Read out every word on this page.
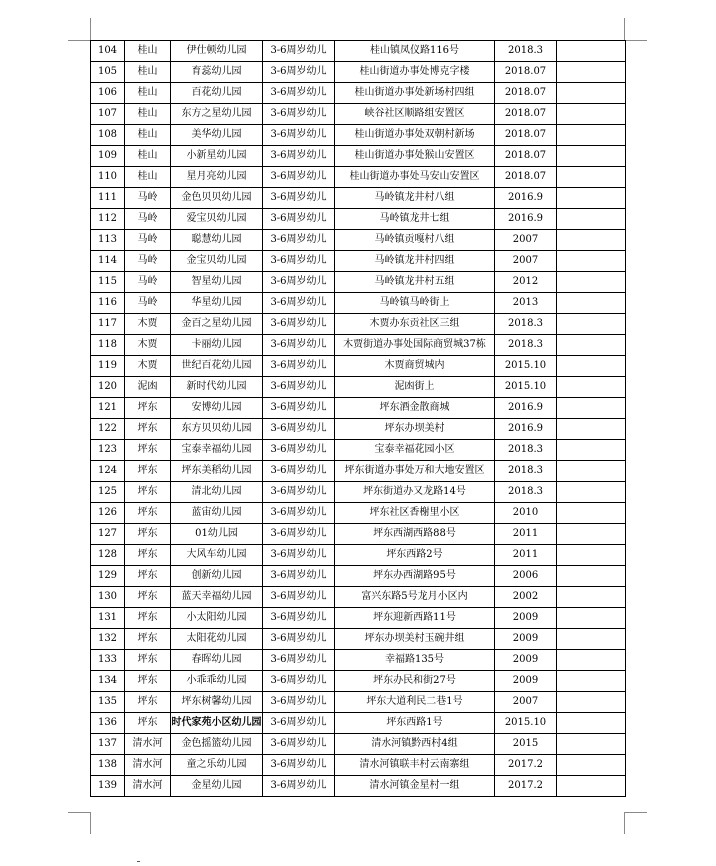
104	桂山	伊仕顿幼儿园	3-6周岁幼儿	桂山镇凤仪路116号	2018.3	
105	桂山	育蕊幼儿园	3-6周岁幼儿	桂山街道办事处博克字楼	2018.07	
106	桂山	百花幼儿园	3-6周岁幼儿	桂山街道办事处新场村四组	2018.07	
107	桂山	东方之星幼儿园	3-6周岁幼儿	峡谷社区顺路组安置区	2018.07	
108	桂山	美华幼儿园	3-6周岁幼儿	桂山街道办事处双朝村新场	2018.07	
109	桂山	小新星幼儿园	3-6周岁幼儿	桂山街道办事处猴山安置区	2018.07	
110	桂山	星月亮幼儿园	3-6周岁幼儿	桂山街道办事处马安山安置区	2018.07	
111	马岭	金色贝贝幼儿园	3-6周岁幼儿	马岭镇龙井村八组	2016.9	
112	马岭	爱宝贝幼儿园	3-6周岁幼儿	马岭镇龙井七组	2016.9	
113	马岭	聪慧幼儿园	3-6周岁幼儿	马岭镇贡嘎村八组	2007	
114	马岭	金宝贝幼儿园	3-6周岁幼儿	马岭镇龙井村四组	2007	
115	马岭	智星幼儿园	3-6周岁幼儿	马岭镇龙井村五组	2012	
116	马岭	华星幼儿园	3-6周岁幼儿	马岭镇马岭街上	2013	
117	木贾	金百之星幼儿园	3-6周岁幼儿	木贾办东贡社区三组	2018.3	
118	木贾	卡丽幼儿园	3-6周岁幼儿	木贾街道办事处国际商贸城37栋	2018.3	
119	木贾	世纪百花幼儿园	3-6周岁幼儿	木贾商贸城内	2015.10	
120	泥凼	新时代幼儿园	3-6周岁幼儿	泥凼街上	2015.10	
121	坪东	安博幼儿园	3-6周岁幼儿	坪东酒金散商城	2016.9	
122	坪东	东方贝贝幼儿园	3-6周岁幼儿	坪东办坝美村	2016.9	
123	坪东	宝泰幸福幼儿园	3-6周岁幼儿	宝泰幸福花园小区	2018.3	
124	坪东	坪东美稻幼儿园	3-6周岁幼儿	坪东街道办事处万和大地安置区	2018.3	
125	坪东	清北幼儿园	3-6周岁幼儿	坪东街道办又龙路14号	2018.3	
126	坪东	蓝宙幼儿园	3-6周岁幼儿	坪东社区香榭里小区	2010	
127	坪东	01幼儿园	3-6周岁幼儿	坪东西湖西路88号	2011	
128	坪东	大风车幼儿园	3-6周岁幼儿	坪东西路2号	2011	
129	坪东	创新幼儿园	3-6周岁幼儿	坪东办西湖路95号	2006	
130	坪东	蓝天幸福幼儿园	3-6周岁幼儿	富兴东路5号龙月小区内	2002	
131	坪东	小太阳幼儿园	3-6周岁幼儿	坪东迎新西路11号	2009	
132	坪东	太阳花幼儿园	3-6周岁幼儿	坪东办坝美村玉碗井组	2009	
133	坪东	春晖幼儿园	3-6周岁幼儿	幸福路135号	2009	
134	坪东	小乖乖幼儿园	3-6周岁幼儿	坪东办民和街27号	2009	
135	坪东	坪东树馨幼儿园	3-6周岁幼儿	坪东大道利民二巷1号	2007	
136	坪东	时代家苑小区幼儿园	3-6周岁幼儿	坪东西路1号	2015.10	
137	清水河	金色摇篮幼儿园	3-6周岁幼儿	清水河镇黔西村4组	2015	
138	清水河	童之乐幼儿园	3-6周岁幼儿	清水河镇联丰村云南寨组	2017.2	
139	清水河	金星幼儿园	3-6周岁幼儿	清水河镇金星村一组	2017.2	
